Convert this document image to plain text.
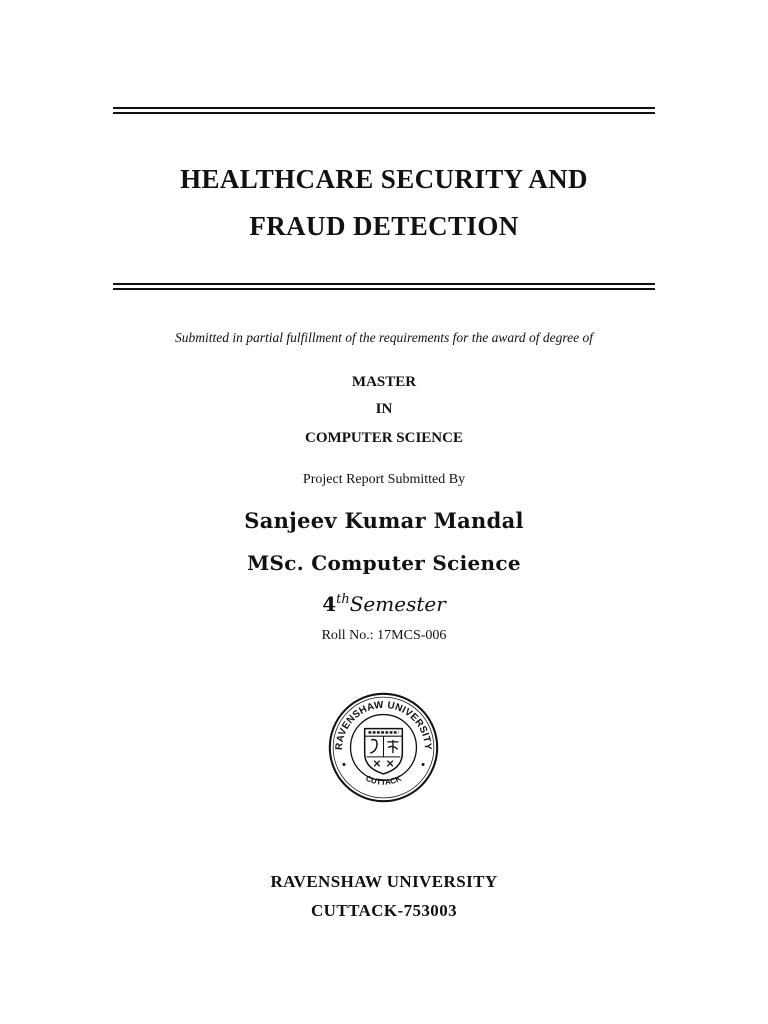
HEALTHCARE SECURITY AND
FRAUD DETECTION
Submitted in partial fulfillment of the requirements for the award of degree of
MASTER
IN
COMPUTER SCIENCE
Project Report Submitted By
Sanjeev Kumar Mandal
MSc. Computer Science
4thSemester
Roll No.: 17MCS-006
RAVENSHAW UNIVERSITY
CUTTACK
RAVENSHAW UNIVERSITY
CUTTACK-753003
